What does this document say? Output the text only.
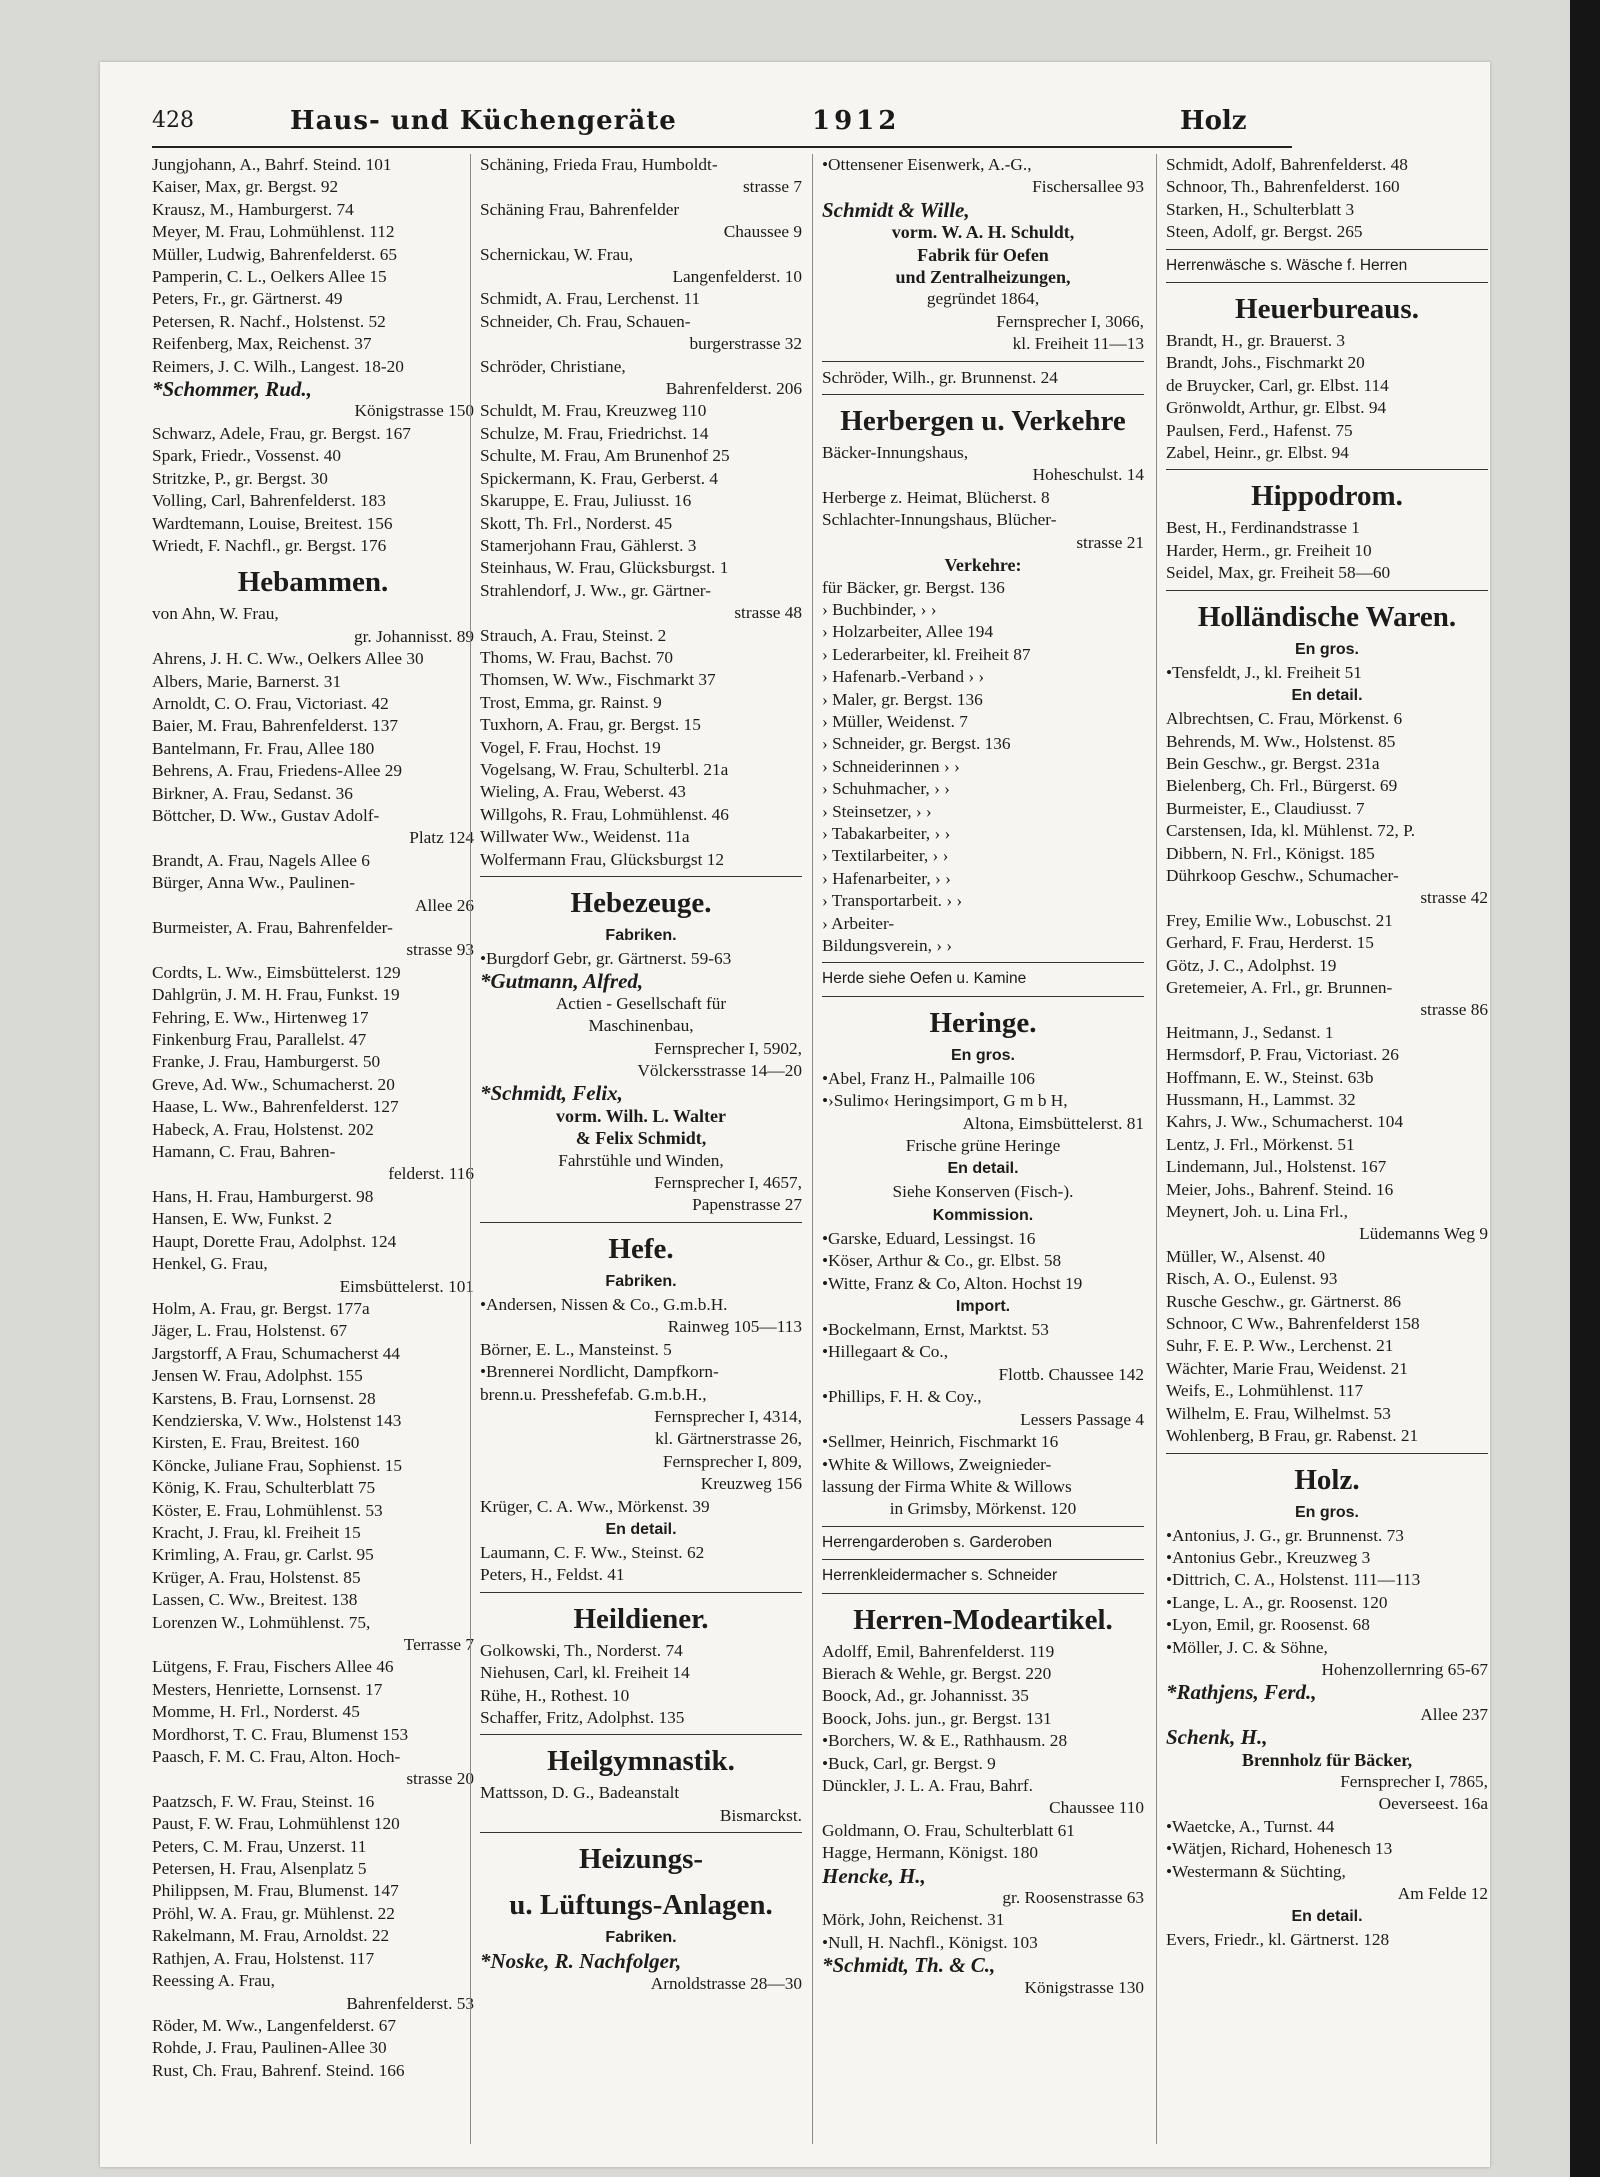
428	Haus- und Küchengeräte	1912	Holz
Jungjohann, A., Bahrf. Steind. 101
Kaiser, Max, gr. Bergst. 92
Krausz, M., Hamburgerst. 74
Meyer, M. Frau, Lohmühlenst. 112
Müller, Ludwig, Bahrenfelderst. 65
Pamperin, C. L., Oelkers Allee 15
Peters, Fr., gr. Gärtnerst. 49
Petersen, R. Nachf., Holstenst. 52
Reifenberg, Max, Reichenst. 37
Reimers, J. C. Wilh., Langest. 18-20
*Schommer, Rud.,
Königstrasse 150
Schwarz, Adele, Frau, gr. Bergst. 167
Spark, Friedr., Vossenst. 40
Stritzke, P., gr. Bergst. 30
Volling, Carl, Bahrenfelderst. 183
Wardtemann, Louise, Breitest. 156
Wriedt, F. Nachfl., gr. Bergst. 176
Hebammen.
von Ahn, W. Frau,
gr. Johannisst. 89
Ahrens, J. H. C. Ww., Oelkers Allee 30
Albers, Marie, Barnerst. 31
Arnoldt, C. O. Frau, Victoriast. 42
Baier, M. Frau, Bahrenfelderst. 137
Bantelmann, Fr. Frau, Allee 180
Behrens, A. Frau, Friedens-Allee 29
Birkner, A. Frau, Sedanst. 36
Böttcher, D. Ww., Gustav Adolf-
Platz 124
Brandt, A. Frau, Nagels Allee 6
Bürger, Anna Ww., Paulinen-
Allee 26
Burmeister, A. Frau, Bahrenfelder-
strasse 93
Cordts, L. Ww., Eimsbüttelerst. 129
Dahlgrün, J. M. H. Frau, Funkst. 19
Fehring, E. Ww., Hirtenweg 17
Finkenburg Frau, Parallelst. 47
Franke, J. Frau, Hamburgerst. 50
Greve, Ad. Ww., Schumacherst. 20
Haase, L. Ww., Bahrenfelderst. 127
Habeck, A. Frau, Holstenst. 202
Hamann, C. Frau, Bahren-
felderst. 116
Hans, H. Frau, Hamburgerst. 98
Hansen, E. Ww, Funkst. 2
Haupt, Dorette Frau, Adolphst. 124
Henkel, G. Frau,
Eimsbüttelerst. 101
Holm, A. Frau, gr. Bergst. 177a
Jäger, L. Frau, Holstenst. 67
Jargstorff, A Frau, Schumacherst 44
Jensen W. Frau, Adolphst. 155
Karstens, B. Frau, Lornsenst. 28
Kendzierska, V. Ww., Holstenst 143
Kirsten, E. Frau, Breitest. 160
Köncke, Juliane Frau, Sophienst. 15
König, K. Frau, Schulterblatt 75
Köster, E. Frau, Lohmühlenst. 53
Kracht, J. Frau, kl. Freiheit 15
Krimling, A. Frau, gr. Carlst. 95
Krüger, A. Frau, Holstenst. 85
Lassen, C. Ww., Breitest. 138
Lorenzen W., Lohmühlenst. 75,
Terrasse 7
Lütgens, F. Frau, Fischers Allee 46
Mesters, Henriette, Lornsenst. 17
Momme, H. Frl., Norderst. 45
Mordhorst, T. C. Frau, Blumenst 153
Paasch, F. M. C. Frau, Alton. Hoch-
strasse 20
Paatzsch, F. W. Frau, Steinst. 16
Paust, F. W. Frau, Lohmühlenst 120
Peters, C. M. Frau, Unzerst. 11
Petersen, H. Frau, Alsenplatz 5
Philippsen, M. Frau, Blumenst. 147
Pröhl, W. A. Frau, gr. Mühlenst. 22
Rakelmann, M. Frau, Arnoldst. 22
Rathjen, A. Frau, Holstenst. 117
Reessing A. Frau,
Bahrenfelderst. 53
Röder, M. Ww., Langenfelderst. 67
Rohde, J. Frau, Paulinen-Allee 30
Rust, Ch. Frau, Bahrenf. Steind. 166
Schäning, Frieda Frau, Humboldt-
strasse 7
Schäning Frau, Bahrenfelder
Chaussee 9
Schernickau, W. Frau,
Langenfelderst. 10
Schmidt, A. Frau, Lerchenst. 11
Schneider, Ch. Frau, Schauen-
burgerstrasse 32
Schröder, Christiane,
Bahrenfelderst. 206
Schuldt, M. Frau, Kreuzweg 110
Schulze, M. Frau, Friedrichst. 14
Schulte, M. Frau, Am Brunenhof 25
Spickermann, K. Frau, Gerberst. 4
Skaruppe, E. Frau, Juliusst. 16
Skott, Th. Frl., Norderst. 45
Stamerjohann Frau, Gählerst. 3
Steinhaus, W. Frau, Glücksburgst. 1
Strahlendorf, J. Ww., gr. Gärtner-
strasse 48
Strauch, A. Frau, Steinst. 2
Thoms, W. Frau, Bachst. 70
Thomsen, W. Ww., Fischmarkt 37
Trost, Emma, gr. Rainst. 9
Tuxhorn, A. Frau, gr. Bergst. 15
Vogel, F. Frau, Hochst. 19
Vogelsang, W. Frau, Schulterbl. 21a
Wieling, A. Frau, Weberst. 43
Willgohs, R. Frau, Lohmühlenst. 46
Willwater Ww., Weidenst. 11a
Wolfermann Frau, Glücksburgst 12
Hebezeuge.
Fabriken.
•Burgdorf Gebr, gr. Gärtnerst. 59-63
*Gutmann, Alfred,
Actien - Gesellschaft für
Maschinenbau,
Fernsprecher I, 5902,
Völckersstrasse 14—20
*Schmidt, Felix,
vorm. Wilh. L. Walter
& Felix Schmidt,
Fahrstühle und Winden,
Fernsprecher I, 4657,
Papenstrasse 27
Hefe.
Fabriken.
•Andersen, Nissen & Co., G.m.b.H.
Rainweg 105—113
Börner, E. L., Mansteinst. 5
•Brennerei Nordlicht, Dampfkorn-
brenn.u. Presshefefab. G.m.b.H.,
Fernsprecher I, 4314,
kl. Gärtnerstrasse 26,
Fernsprecher I, 809,
Kreuzweg 156
Krüger, C. A. Ww., Mörkenst. 39
En detail.
Laumann, C. F. Ww., Steinst. 62
Peters, H., Feldst. 41
Heildiener.
Golkowski, Th., Norderst. 74
Niehusen, Carl, kl. Freiheit 14
Rühe, H., Rothest. 10
Schaffer, Fritz, Adolphst. 135
Heilgymnastik.
Mattsson, D. G., Badeanstalt
Bismarckst.
Heizungs-
u. Lüftungs-Anlagen.
Fabriken.
*Noske, R. Nachfolger,
Arnoldstrasse 28—30
•Ottensener Eisenwerk, A.-G.,
Fischersallee 93
Schmidt & Wille,
vorm. W. A. H. Schuldt,
Fabrik für Oefen
und Zentralheizungen,
gegründet 1864,
Fernsprecher I, 3066,
kl. Freiheit 11—13
Schröder, Wilh., gr. Brunnenst. 24
Herbergen u. Verkehre
Bäcker-Innungshaus,
Hoheschulst. 14
Herberge z. Heimat, Blücherst. 8
Schlachter-Innungshaus, Blücher-
strasse 21
Verkehre:
für Bäcker, gr. Bergst. 136
› Buchbinder, › ›
› Holzarbeiter, Allee 194
› Lederarbeiter, kl. Freiheit 87
› Hafenarb.-Verband › ›
› Maler, gr. Bergst. 136
› Müller, Weidenst. 7
› Schneider, gr. Bergst. 136
› Schneiderinnen › ›
› Schuhmacher, › ›
› Steinsetzer, › ›
› Tabakarbeiter, › ›
› Textilarbeiter, › ›
› Hafenarbeiter, › ›
› Transportarbeit. › ›
› Arbeiter-
Bildungsverein, › ›
Herde siehe Oefen u. Kamine
Heringe.
En gros.
•Abel, Franz H., Palmaille 106
•›Sulimo‹ Heringsimport, G m b H,
Altona, Eimsbüttelerst. 81
Frische grüne Heringe
En detail.
Siehe Konserven (Fisch-).
Kommission.
•Garske, Eduard, Lessingst. 16
•Köser, Arthur & Co., gr. Elbst. 58
•Witte, Franz & Co, Alton. Hochst 19
Import.
•Bockelmann, Ernst, Marktst. 53
•Hillegaart & Co.,
Flottb. Chaussee 142
•Phillips, F. H. & Coy.,
Lessers Passage 4
•Sellmer, Heinrich, Fischmarkt 16
•White & Willows, Zweignieder-
lassung der Firma White & Willows
in Grimsby, Mörkenst. 120
Herrengarderoben s. Garderoben
Herrenkleidermacher s. Schneider
Herren-Modeartikel.
Adolff, Emil, Bahrenfelderst. 119
Bierach & Wehle, gr. Bergst. 220
Boock, Ad., gr. Johannisst. 35
Boock, Johs. jun., gr. Bergst. 131
•Borchers, W. & E., Rathhausm. 28
•Buck, Carl, gr. Bergst. 9
Dünckler, J. L. A. Frau, Bahrf.
Chaussee 110
Goldmann, O. Frau, Schulterblatt 61
Hagge, Hermann, Königst. 180
Hencke, H.,
gr. Roosenstrasse 63
Mörk, John, Reichenst. 31
•Null, H. Nachfl., Königst. 103
*Schmidt, Th. & C.,
Königstrasse 130
Schmidt, Adolf, Bahrenfelderst. 48
Schnoor, Th., Bahrenfelderst. 160
Starken, H., Schulterblatt 3
Steen, Adolf, gr. Bergst. 265
Herrenwäsche s. Wäsche f. Herren
Heuerbureaus.
Brandt, H., gr. Brauerst. 3
Brandt, Johs., Fischmarkt 20
de Bruycker, Carl, gr. Elbst. 114
Grönwoldt, Arthur, gr. Elbst. 94
Paulsen, Ferd., Hafenst. 75
Zabel, Heinr., gr. Elbst. 94
Hippodrom.
Best, H., Ferdinandstrasse 1
Harder, Herm., gr. Freiheit 10
Seidel, Max, gr. Freiheit 58—60
Holländische Waren.
En gros.
•Tensfeldt, J., kl. Freiheit 51
En detail.
Albrechtsen, C. Frau, Mörkenst. 6
Behrends, M. Ww., Holstenst. 85
Bein Geschw., gr. Bergst. 231a
Bielenberg, Ch. Frl., Bürgerst. 69
Burmeister, E., Claudiusst. 7
Carstensen, Ida, kl. Mühlenst. 72, P.
Dibbern, N. Frl., Königst. 185
Dührkoop Geschw., Schumacher-
strasse 42
Frey, Emilie Ww., Lobuschst. 21
Gerhard, F. Frau, Herderst. 15
Götz, J. C., Adolphst. 19
Gretemeier, A. Frl., gr. Brunnen-
strasse 86
Heitmann, J., Sedanst. 1
Hermsdorf, P. Frau, Victoriast. 26
Hoffmann, E. W., Steinst. 63b
Hussmann, H., Lammst. 32
Kahrs, J. Ww., Schumacherst. 104
Lentz, J. Frl., Mörkenst. 51
Lindemann, Jul., Holstenst. 167
Meier, Johs., Bahrenf. Steind. 16
Meynert, Joh. u. Lina Frl.,
Lüdemanns Weg 9
Müller, W., Alsenst. 40
Risch, A. O., Eulenst. 93
Rusche Geschw., gr. Gärtnerst. 86
Schnoor, C Ww., Bahrenfelderst 158
Suhr, F. E. P. Ww., Lerchenst. 21
Wächter, Marie Frau, Weidenst. 21
Weifs, E., Lohmühlenst. 117
Wilhelm, E. Frau, Wilhelmst. 53
Wohlenberg, B Frau, gr. Rabenst. 21
Holz.
En gros.
•Antonius, J. G., gr. Brunnenst. 73
•Antonius Gebr., Kreuzweg 3
•Dittrich, C. A., Holstenst. 111—113
•Lange, L. A., gr. Roosenst. 120
•Lyon, Emil, gr. Roosenst. 68
•Möller, J. C. & Söhne,
Hohenzollernring 65-67
*Rathjens, Ferd.,
Allee 237
Schenk, H.,
Brennholz für Bäcker,
Fernsprecher I, 7865,
Oeverseest. 16a
•Waetcke, A., Turnst. 44
•Wätjen, Richard, Hohenesch 13
•Westermann & Süchting,
Am Felde 12
En detail.
Evers, Friedr., kl. Gärtnerst. 128
